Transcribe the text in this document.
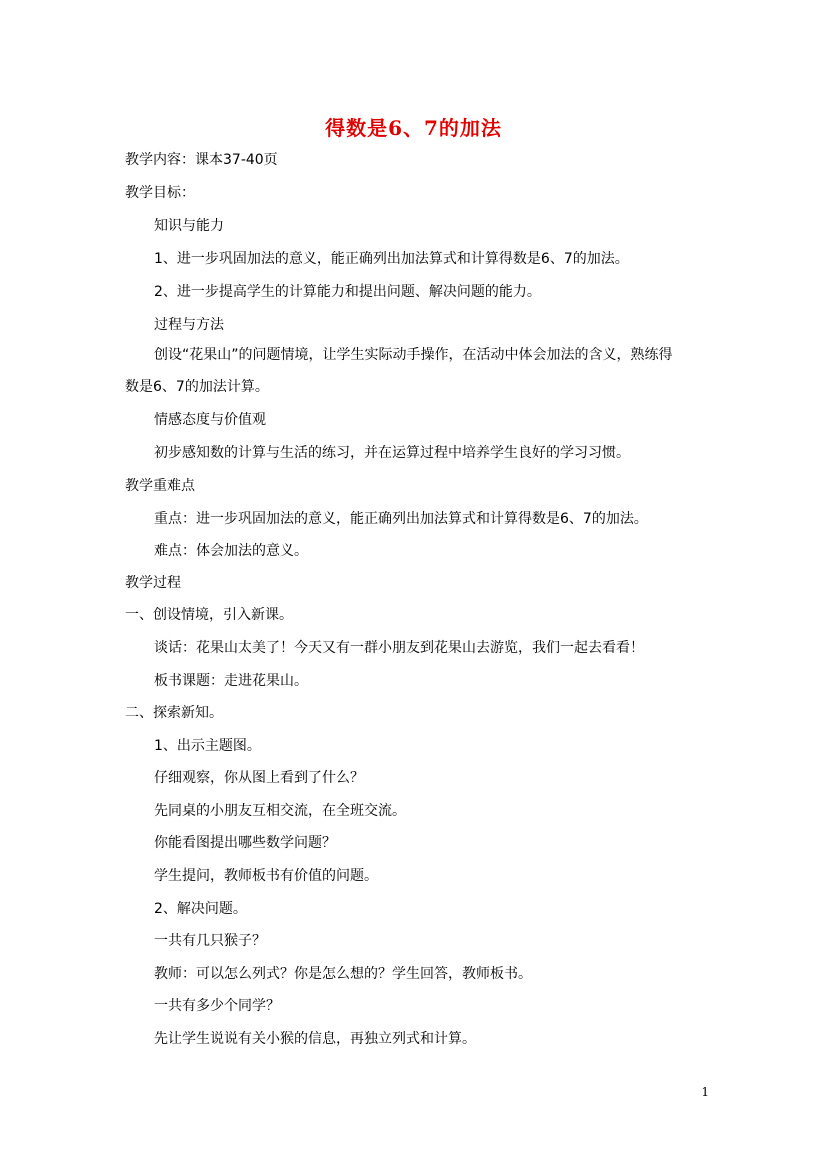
得数是6、7的加法
教学内容：课本37-40页
教学目标：
知识与能力
1、进一步巩固加法的意义，能正确列出加法算式和计算得数是6、7的加法。
2、进一步提高学生的计算能力和提出问题、解决问题的能力。
过程与方法
创设“花果山”的问题情境，让学生实际动手操作，在活动中体会加法的含义，熟练得
数是6、7的加法计算。
情感态度与价值观
初步感知数的计算与生活的练习，并在运算过程中培养学生良好的学习习惯。
教学重难点
重点：进一步巩固加法的意义，能正确列出加法算式和计算得数是6、7的加法。
难点：体会加法的意义。
教学过程
一、创设情境，引入新课。
谈话：花果山太美了！今天又有一群小朋友到花果山去游览，我们一起去看看！
板书课题：走进花果山。
二、探索新知。
1、出示主题图。
仔细观察，你从图上看到了什么？
先同桌的小朋友互相交流，在全班交流。
你能看图提出哪些数学问题？
学生提问，教师板书有价值的问题。
2、解决问题。
一共有几只猴子？
教师：可以怎么列式？你是怎么想的？学生回答，教师板书。
一共有多少个同学？
先让学生说说有关小猴的信息，再独立列式和计算。
1
